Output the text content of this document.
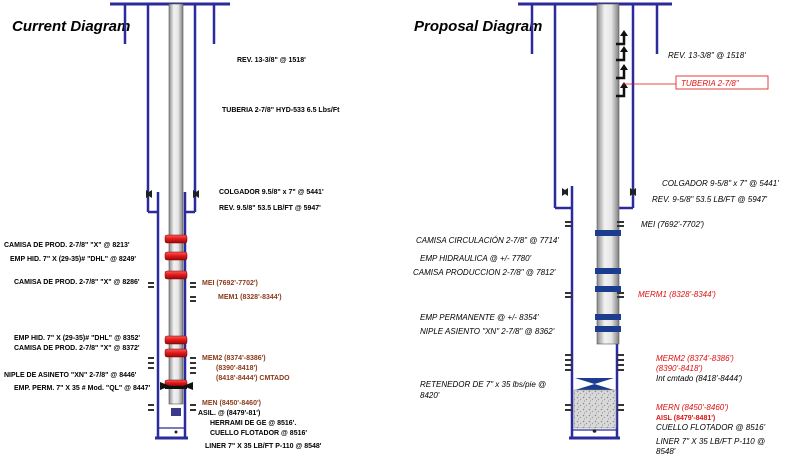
Current Diagram
REV. 13-3/8" @ 1518'
TUBERIA 2-7/8" HYD-533 6.5 Lbs/Ft
COLGADOR 9.5/8" x 7" @ 5441'
REV. 9.5/8" 53.5 LB/FT @ 5947'
MEI (7692'-7702')
MEM1 (8328'-8344')
MEM2 (8374'-8386')
(8390'-8418')
(8418'-8444') CMTADO
MEN (8450'-8460')
ASIL. @ (8479'-81')
HERRAMI DE GE @ 8516'.
CUELLO FLOTADOR @ 8516'
LINER 7" X 35 LB/FT P-110 @ 8548'
CAMISA DE PROD. 2-7/8" "X" @ 8213'
EMP HID. 7" X (29-35)# "DHL" @ 8249'
CAMISA DE PROD. 2-7/8" "X" @ 8286'
EMP HID. 7" X (29-35)# "DHL" @ 8352'
CAMISA DE PROD. 2-7/8" "X" @ 8372'
NIPLE DE ASINETO "XN" 2-7/8" @ 8446'
EMP. PERM. 7" X 35 # Mod. "QL" @ 8447'
Proposal Diagram
REV. 13-3/8" @ 1518'
TUBERIA 2-7/8"
COLGADOR 9-5/8" x 7" @ 5441'
REV. 9-5/8" 53.5 LB/FT @ 5947'
MEI (7692'-7702')
MERM1 (8328'-8344')
MERM2 (8374'-8386')
(8390'-8418')
Int cmtado (8418'-8444')
MERN (8450'-8460')
AISL (8479'-8481')
CUELLO FLOTADOR @ 8516'
LINER 7" X 35 LB/FT P-110 @
8548'
CAMISA CIRCULACIÓN 2-7/8" @ 7714'
EMP HIDRAULICA @ +/- 7780'
CAMISA PRODUCCION 2-7/8" @ 7812'
EMP PERMANENTE @ +/- 8354'
NIPLE ASIENTO "XN" 2-7/8" @ 8362'
RETENEDOR DE 7" x 35 lbs/pie @
8420'
